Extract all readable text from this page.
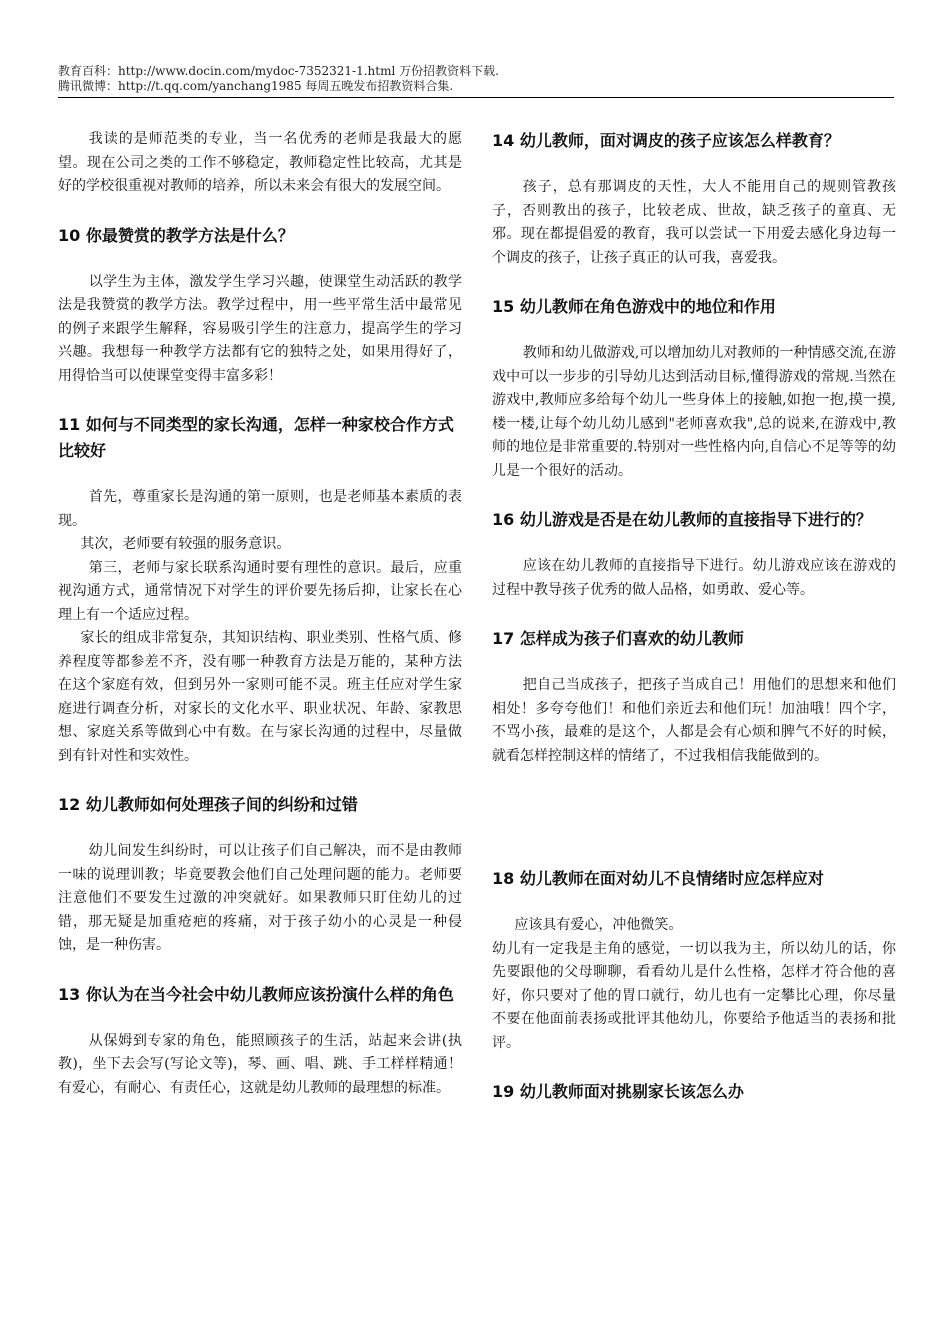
教育百科：http://www.docin.com/mydoc-7352321-1.html 万份招教资料下载.
腾讯微博：http://t.qq.com/yanchang1985 每周五晚发布招教资料合集.

我读的是师范类的专业，当一名优秀的老师是我最大的愿望。现在公司之类的工作不够稳定，教师稳定性比较高，尤其是好的学校很重视对教师的培养，所以未来会有很大的发展空间。

10 你最赞赏的教学方法是什么？

以学生为主体，激发学生学习兴趣，使课堂生动活跃的教学法是我赞赏的教学方法。教学过程中，用一些平常生活中最常见的例子来跟学生解释，容易吸引学生的注意力，提高学生的学习兴趣。我想每一种教学方法都有它的独特之处，如果用得好了，用得恰当可以使课堂变得丰富多彩！

11 如何与不同类型的家长沟通，怎样一种家校合作方式比较好

首先，尊重家长是沟通的第一原则，也是老师基本素质的表现。

其次，老师要有较强的服务意识。

第三，老师与家长联系沟通时要有理性的意识。最后，应重视沟通方式，通常情况下对学生的评价要先扬后抑，让家长在心理上有一个适应过程。

家长的组成非常复杂，其知识结构、职业类别、性格气质、修养程度等都参差不齐，没有哪一种教育方法是万能的，某种方法在这个家庭有效，但到另外一家则可能不灵。班主任应对学生家庭进行调查分析，对家长的文化水平、职业状况、年龄、家教思想、家庭关系等做到心中有数。在与家长沟通的过程中，尽量做到有针对性和实效性。

12 幼儿教师如何处理孩子间的纠纷和过错

幼儿间发生纠纷时，可以让孩子们自己解决，而不是由教师一味的说理训教；毕竟要教会他们自己处理问题的能力。老师要注意他们不要发生过激的冲突就好。如果教师只盯住幼儿的过错，那无疑是加重疮疤的疼痛，对于孩子幼小的心灵是一种侵蚀，是一种伤害。

13 你认为在当今社会中幼儿教师应该扮演什么样的角色

从保姆到专家的角色，能照顾孩子的生活，站起来会讲(执教)，坐下去会写(写论文等)，琴、画、唱、跳、手工样样精通！有爱心，有耐心、有责任心，这就是幼儿教师的最理想的标准。

14 幼儿教师，面对调皮的孩子应该怎么样教育？

孩子，总有那调皮的天性，大人不能用自己的规则管教孩子，否则教出的孩子，比较老成、世故，缺乏孩子的童真、无邪。现在都提倡爱的教育，我可以尝试一下用爱去感化身边每一个调皮的孩子，让孩子真正的认可我，喜爱我。

15 幼儿教师在角色游戏中的地位和作用

教师和幼儿做游戏,可以增加幼儿对教师的一种情感交流,在游戏中可以一步步的引导幼儿达到活动目标,懂得游戏的常规.当然在游戏中,教师应多给每个幼儿一些身体上的接触,如抱一抱,摸一摸,楼一楼,让每个幼儿幼儿感到"老师喜欢我",总的说来,在游戏中,教师的地位是非常重要的.特别对一些性格内向,自信心不足等等的幼儿是一个很好的活动。

16 幼儿游戏是否是在幼儿教师的直接指导下进行的？

应该在幼儿教师的直接指导下进行。幼儿游戏应该在游戏的过程中教导孩子优秀的做人品格，如勇敢、爱心等。

17 怎样成为孩子们喜欢的幼儿教师

把自己当成孩子，把孩子当成自己！用他们的思想来和他们相处！多夸夸他们！和他们亲近去和他们玩！加油哦！四个字，不骂小孩，最难的是这个，人都是会有心烦和脾气不好的时候，就看怎样控制这样的情绪了，不过我相信我能做到的。

18 幼儿教师在面对幼儿不良情绪时应怎样应对

应该具有爱心，冲他微笑。

幼儿有一定我是主角的感觉，一切以我为主，所以幼儿的话，你先要跟他的父母聊聊，看看幼儿是什么性格，怎样才符合他的喜好，你只要对了他的胃口就行，幼儿也有一定攀比心理，你尽量不要在他面前表扬或批评其他幼儿，你要给予他适当的表扬和批评。

19 幼儿教师面对挑剔家长该怎么办
